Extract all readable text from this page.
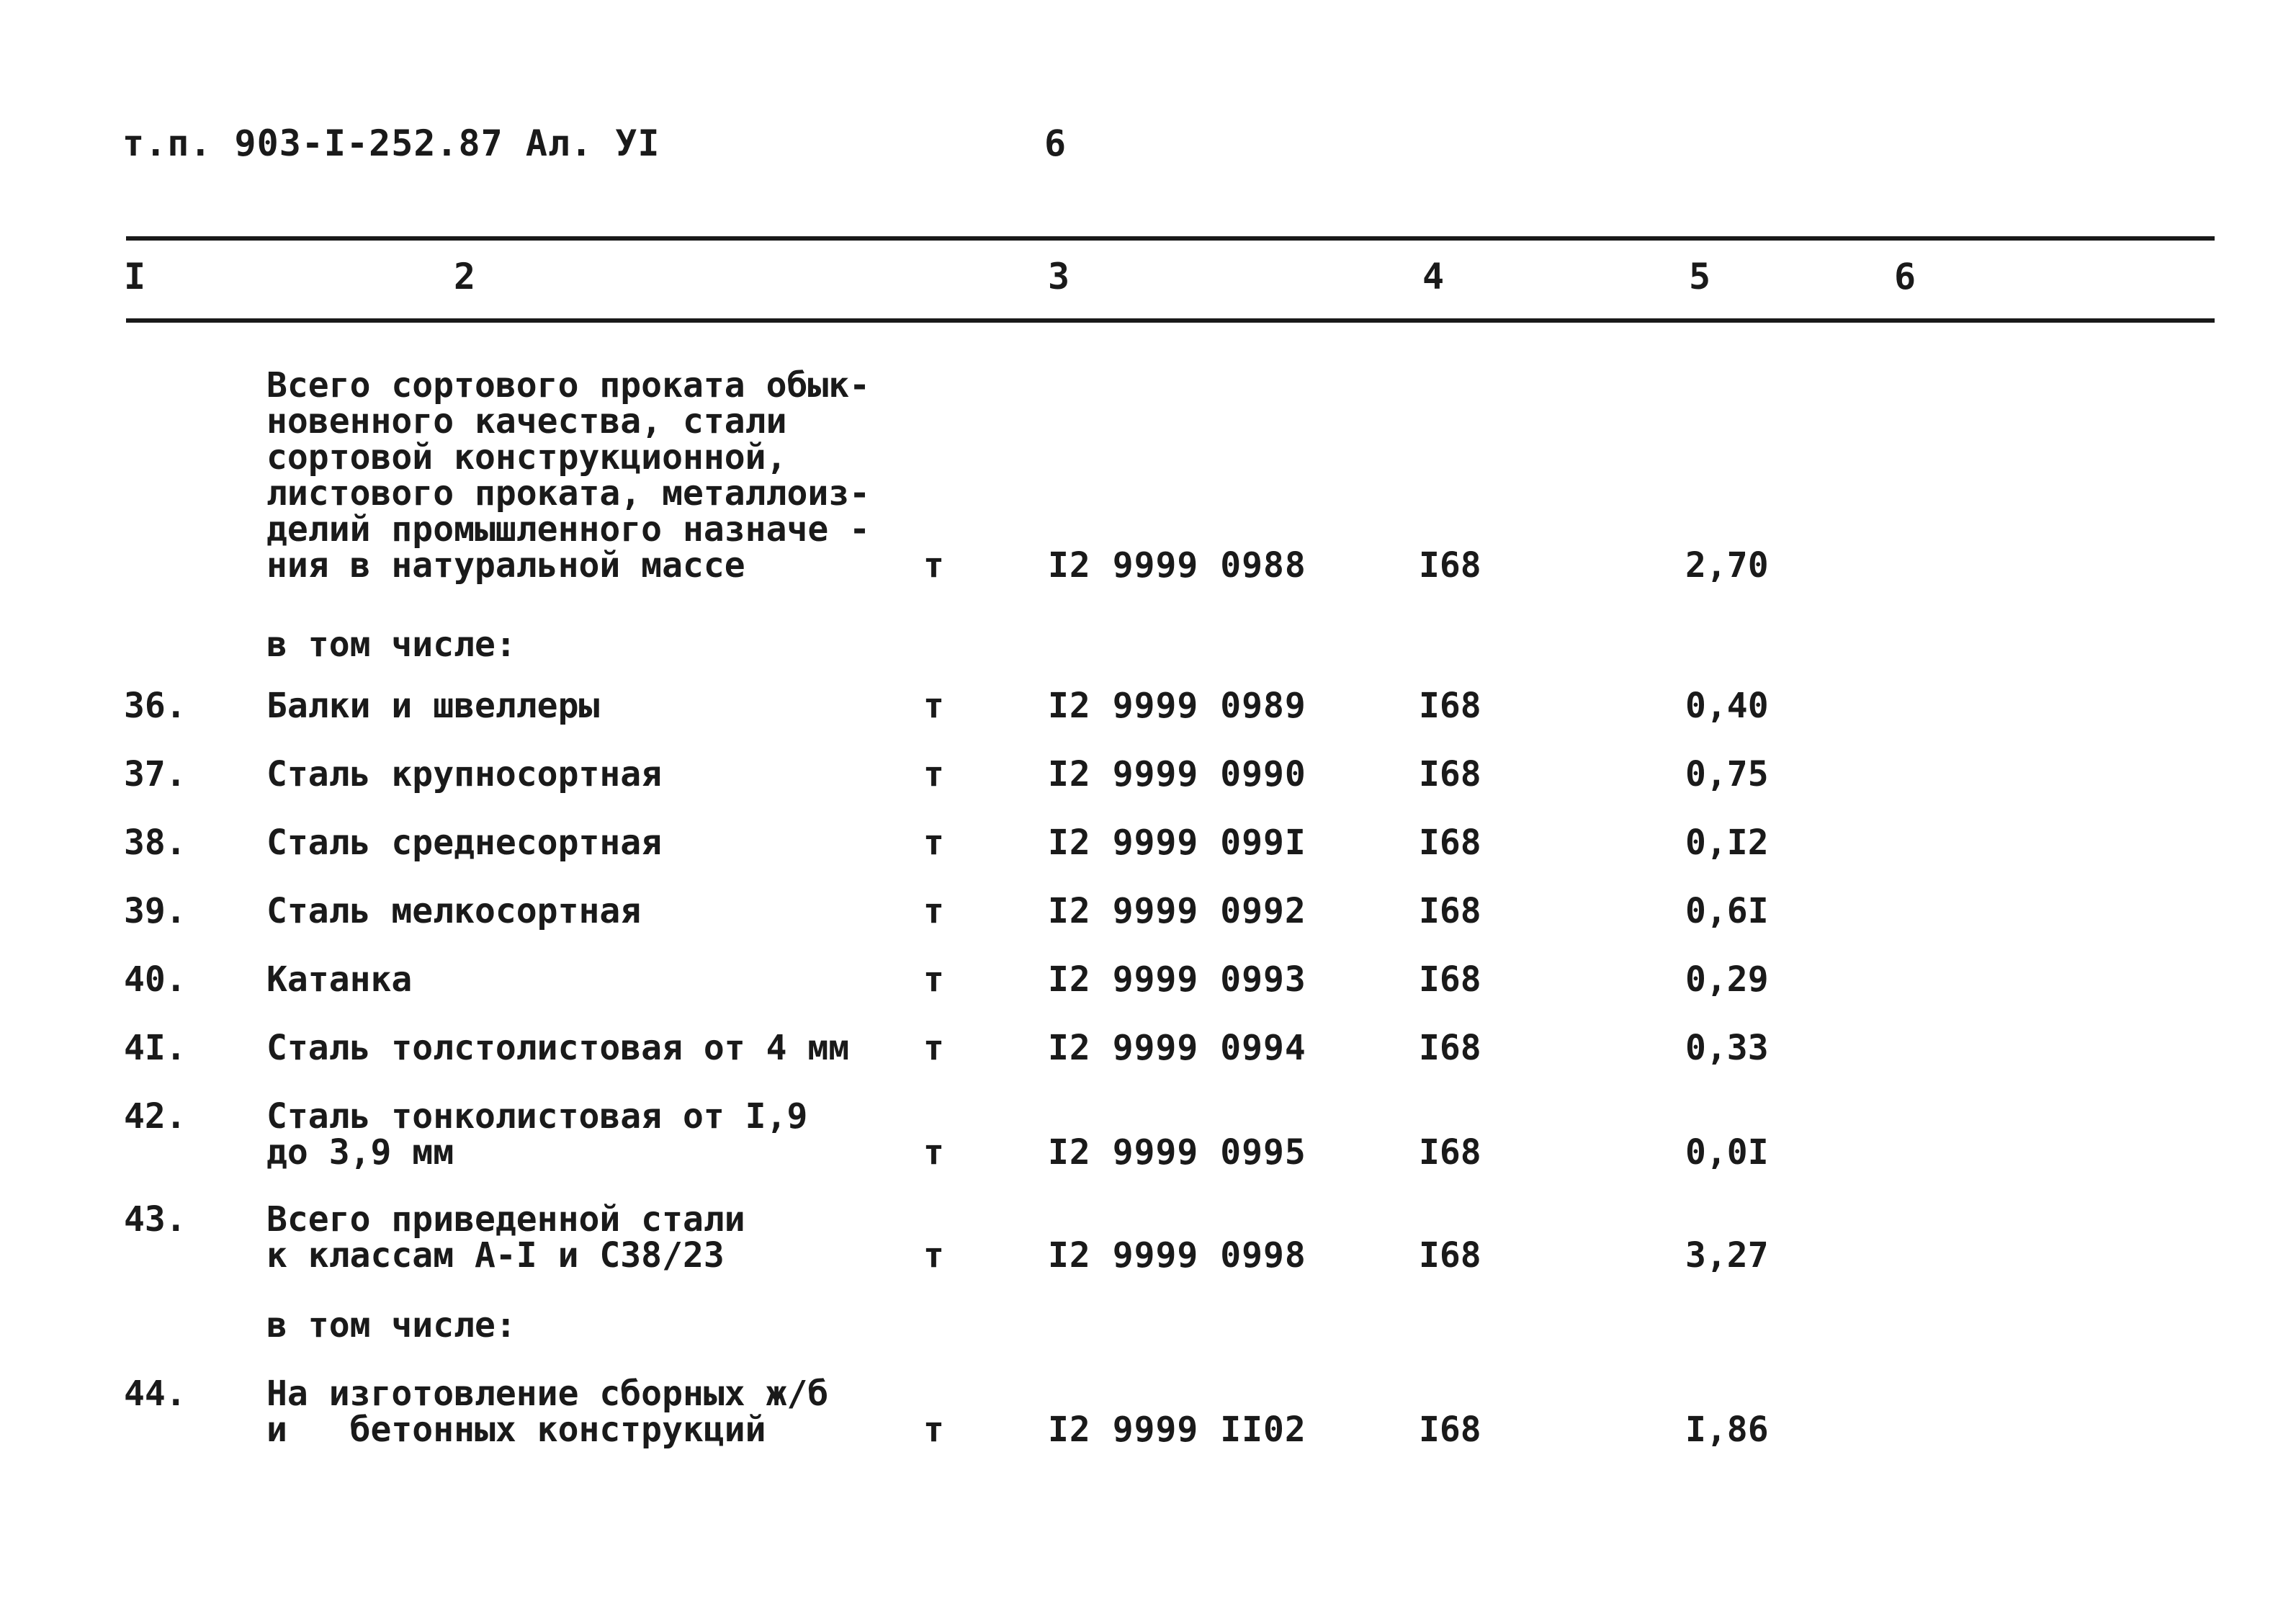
т.п. 903-I-252.87 Ал. УI	6
I	2	3	4	5	6
Всего сортового проката обык-
новенного качества, стали
сортовой конструкционной,
листового проката, металлоиз-
делий промышленного назначе -
ния в натуральной массе	т	I2 9999 0988	I68	2,70
в том числе:
36. Балки и швеллеры	т	I2 9999 0989	I68	0,40
37. Сталь крупносортная	т	I2 9999 0990	I68	0,75
38. Сталь среднесортная	т	I2 9999 099I	I68	0,I2
39. Сталь мелкосортная	т	I2 9999 0992	I68	0,6I
40. Катанка	т	I2 9999 0993	I68	0,29
4I. Сталь толстолистовая от 4 мм т	I2 9999 0994	I68	0,33
42. Сталь тонколистовая от I,9
до 3,9 мм	т	I2 9999 0995	I68	0,0I
43. Всего приведенной стали
к классам А-I и С38/23	т	I2 9999 0998	I68	3,27
в том числе:
44. На изготовление сборных ж/б
и   бетонных конструкций	т	I2 9999 II02	I68	I,86
